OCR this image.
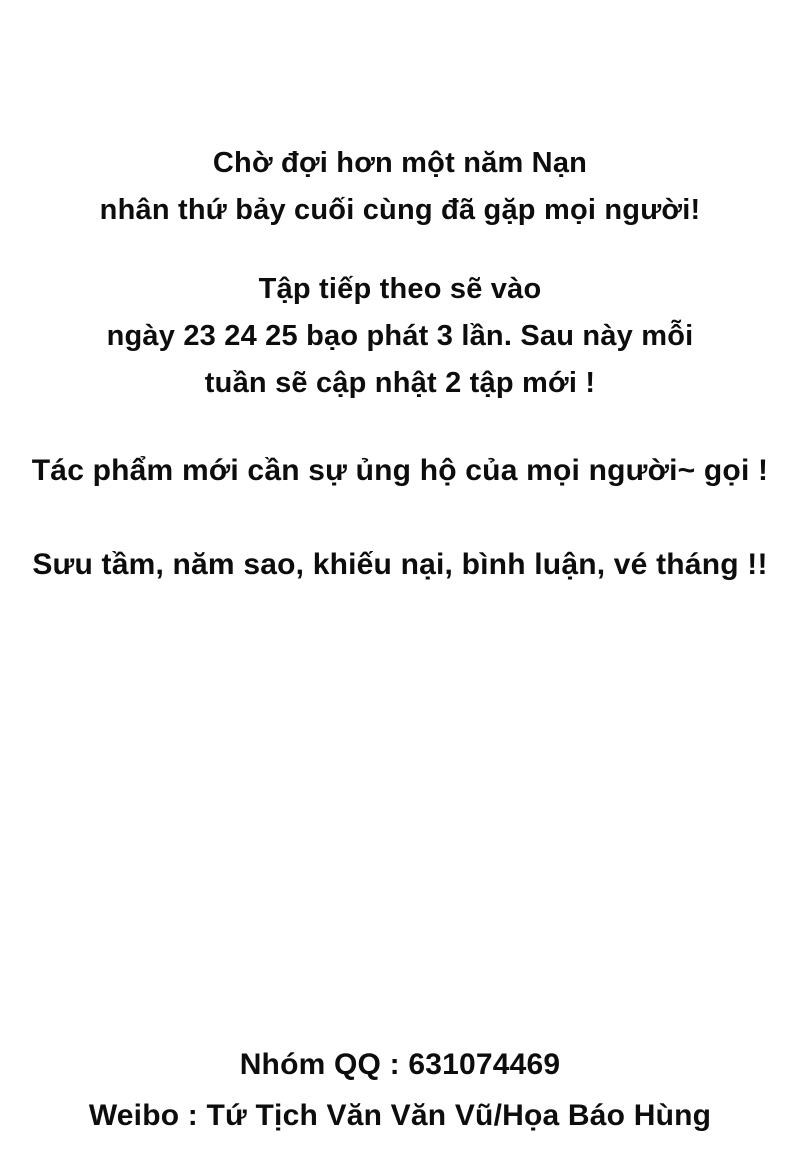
Chờ đợi hơn một năm Nạn
nhân thứ bảy cuối cùng đã gặp mọi người!
Tập tiếp theo sẽ vào
ngày 23 24 25 bạo phát 3 lần. Sau này mỗi
tuần sẽ cập nhật 2 tập mới !
Tác phẩm mới cần sự ủng hộ của mọi người~ gọi !
Sưu tầm, năm sao, khiếu nại, bình luận, vé tháng !!
Nhóm QQ : 631074469
Weibo : Tứ Tịch Văn Văn Vũ/Họa Báo Hùng
